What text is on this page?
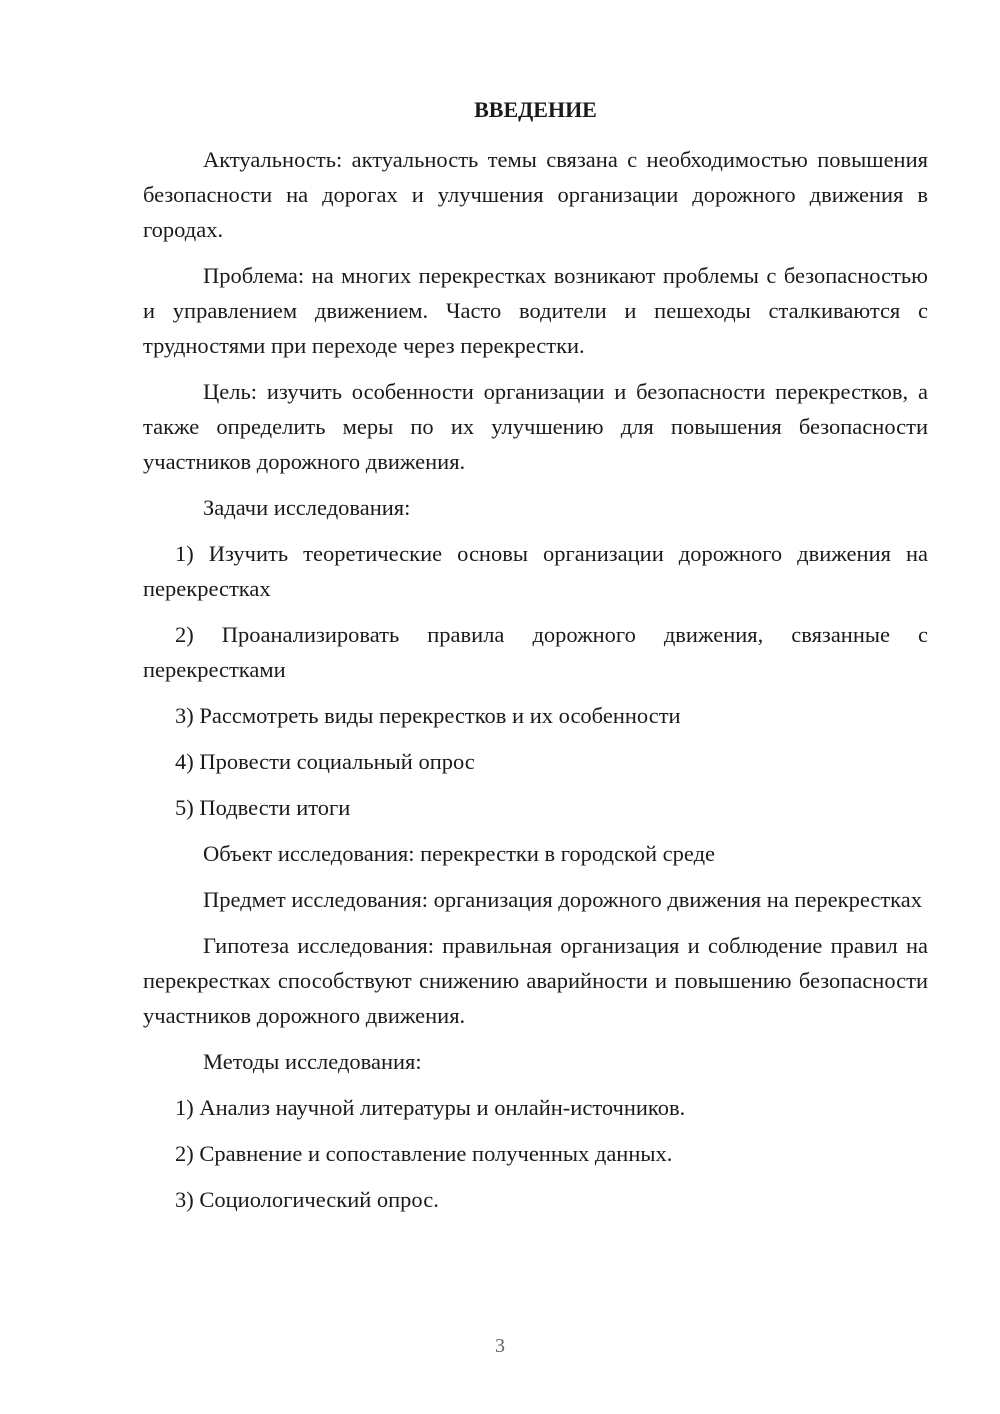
ВВЕДЕНИЕ

Актуальность: актуальность темы связана с необходимостью повышения безопасности на дорогах и улучшения организации дорожного движения в городах.

Проблема: на многих перекрестках возникают проблемы с безопасностью и управлением движением. Часто водители и пешеходы сталкиваются с трудностями при переходе через перекрестки.

Цель: изучить особенности организации и безопасности перекрестков, а также определить меры по их улучшению для повышения безопасности участников дорожного движения.

Задачи исследования:

1) Изучить теоретические основы организации дорожного движения на перекрестках

2) Проанализировать правила дорожного движения, связанные с перекрестками

3) Рассмотреть виды перекрестков и их особенности

4) Провести социальный опрос

5) Подвести итоги

Объект исследования: перекрестки в городской среде

Предмет исследования: организация дорожного движения на перекрестках

Гипотеза исследования: правильная организация и соблюдение правил на перекрестках способствуют снижению аварийности и повышению безопасности участников дорожного движения.

Методы исследования:

1) Анализ научной литературы и онлайн-источников.

2) Сравнение и сопоставление полученных данных.

3) Социологический опрос.

3
